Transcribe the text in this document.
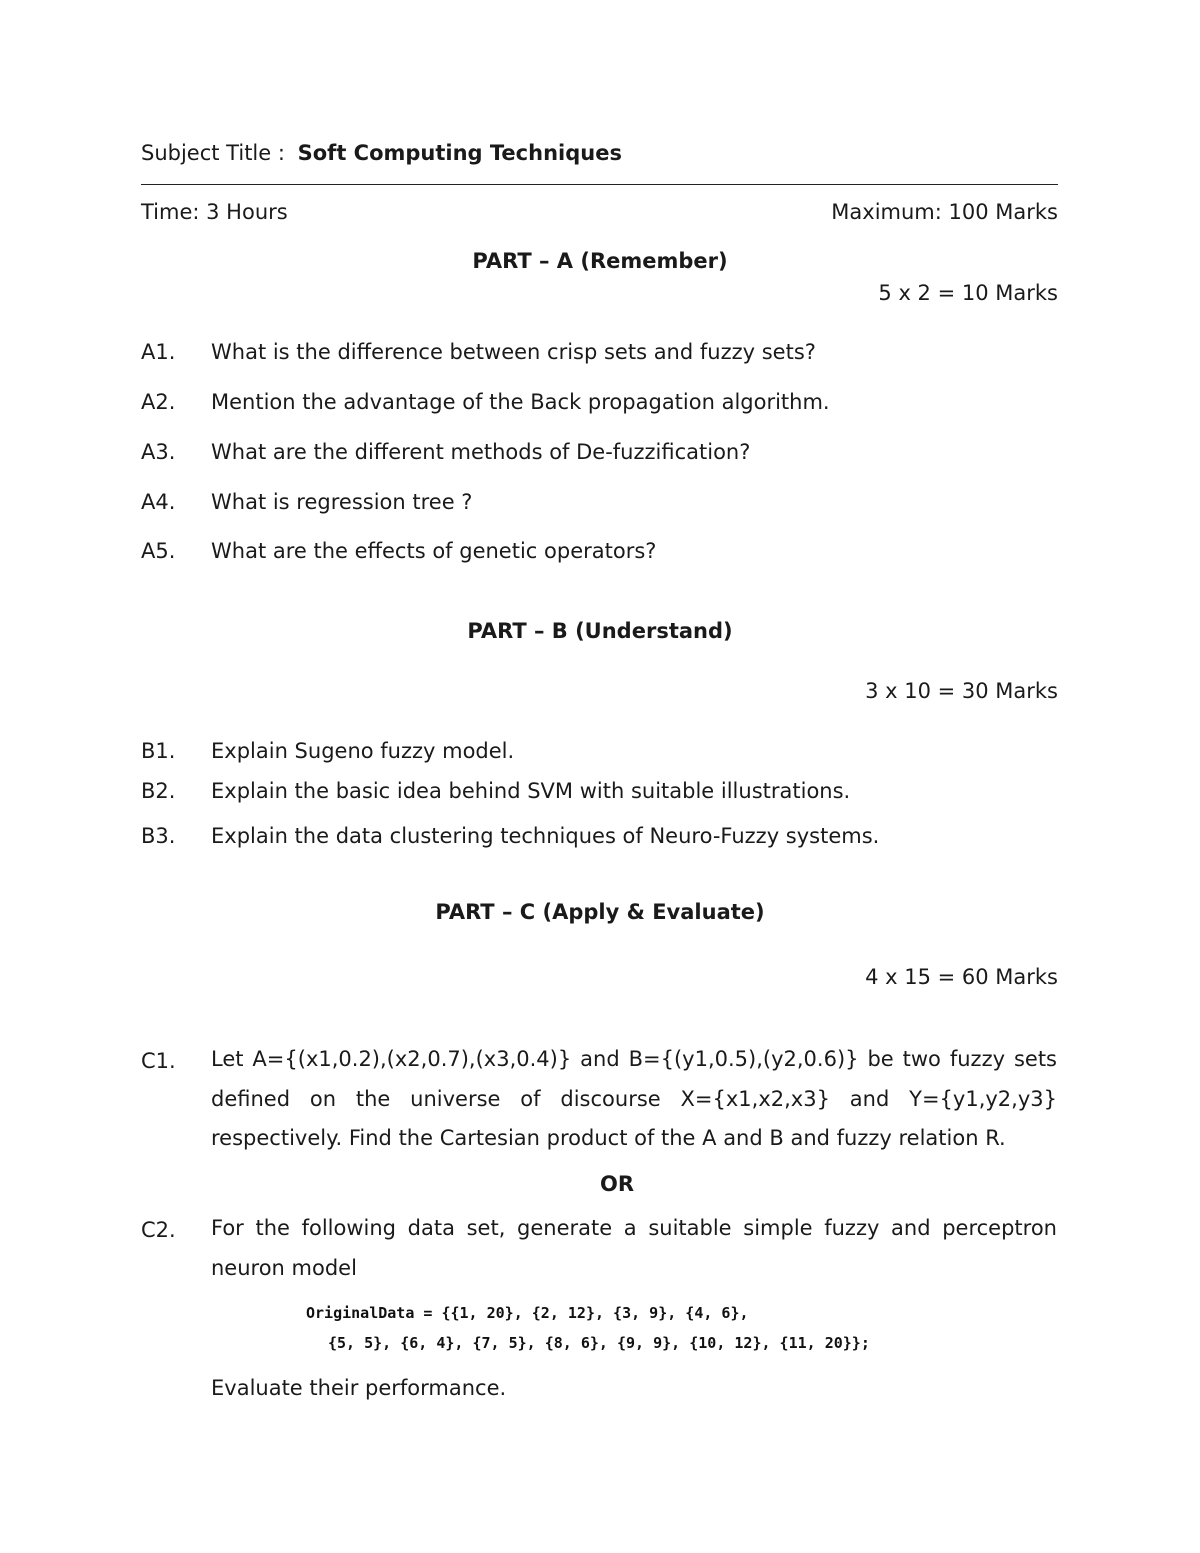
Subject Title : Soft Computing Techniques
Time: 3 Hours	Maximum: 100 Marks
PART – A (Remember)
5 x 2 = 10 Marks
A1. What is the difference between crisp sets and fuzzy sets?
A2. Mention the advantage of the Back propagation algorithm.
A3. What are the different methods of De-fuzzification?
A4. What is regression tree ?
A5. What are the effects of genetic operators?
PART – B (Understand)
3 x 10 = 30 Marks
B1. Explain Sugeno fuzzy model.
B2. Explain the basic idea behind SVM with suitable illustrations.
B3. Explain the data clustering techniques of Neuro-Fuzzy systems.
PART – C (Apply & Evaluate)
4 x 15 = 60 Marks
C1. Let A={(x1,0.2),(x2,0.7),(x3,0.4)} and B={(y1,0.5),(y2,0.6)} be two fuzzy sets defined on the universe of discourse X={x1,x2,x3} and Y={y1,y2,y3} respectively. Find the Cartesian product of the A and B and fuzzy relation R.
OR
C2. For the following data set, generate a suitable simple fuzzy and perceptron neuron model
OriginalData = {{1, 20}, {2, 12}, {3, 9}, {4, 6},
{5, 5}, {6, 4}, {7, 5}, {8, 6}, {9, 9}, {10, 12}, {11, 20}};
Evaluate their performance.
